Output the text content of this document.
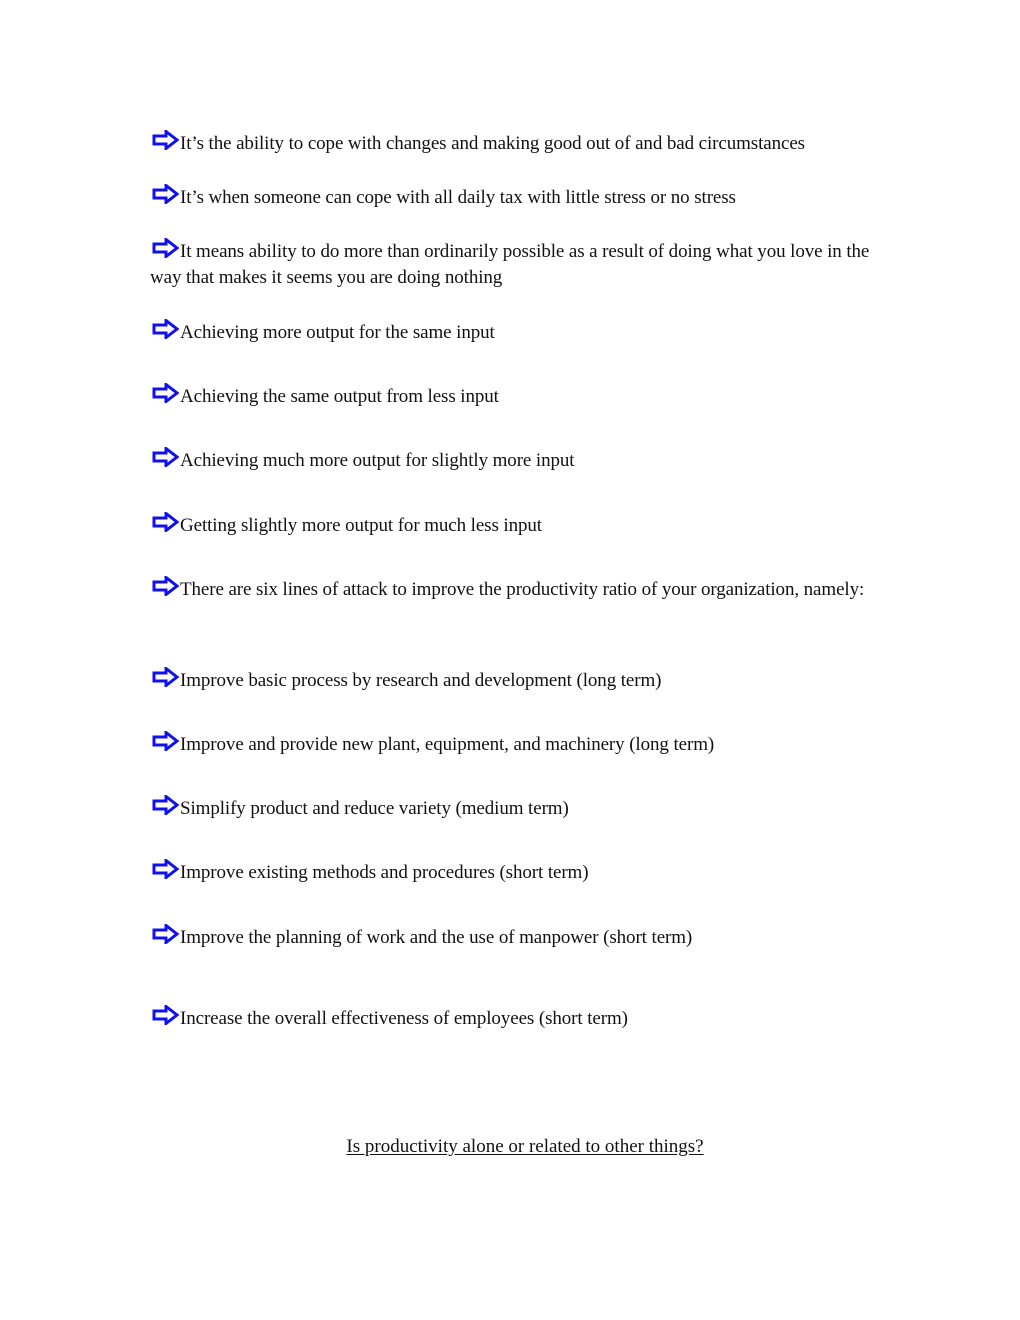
It’s the ability to cope with changes and making good out of and bad circumstances
It’s when someone can cope with all daily tax with little stress or no stress
It means ability to do more than ordinarily possible as a result of doing what you love in the way that makes it seems you are doing nothing
Achieving more output for the same input
Achieving the same output from less input
Achieving much more output for slightly more input
Getting slightly more output for much less input
There are six lines of attack to improve the productivity ratio of your organization, namely:
Improve basic process by research and development (long term)
Improve and provide new plant, equipment, and machinery (long term)
Simplify product and reduce variety (medium term)
Improve existing methods and procedures (short term)
Improve the planning of work and the use of manpower (short term)
Increase the overall effectiveness of employees (short term)
Is productivity alone or related to other things?
